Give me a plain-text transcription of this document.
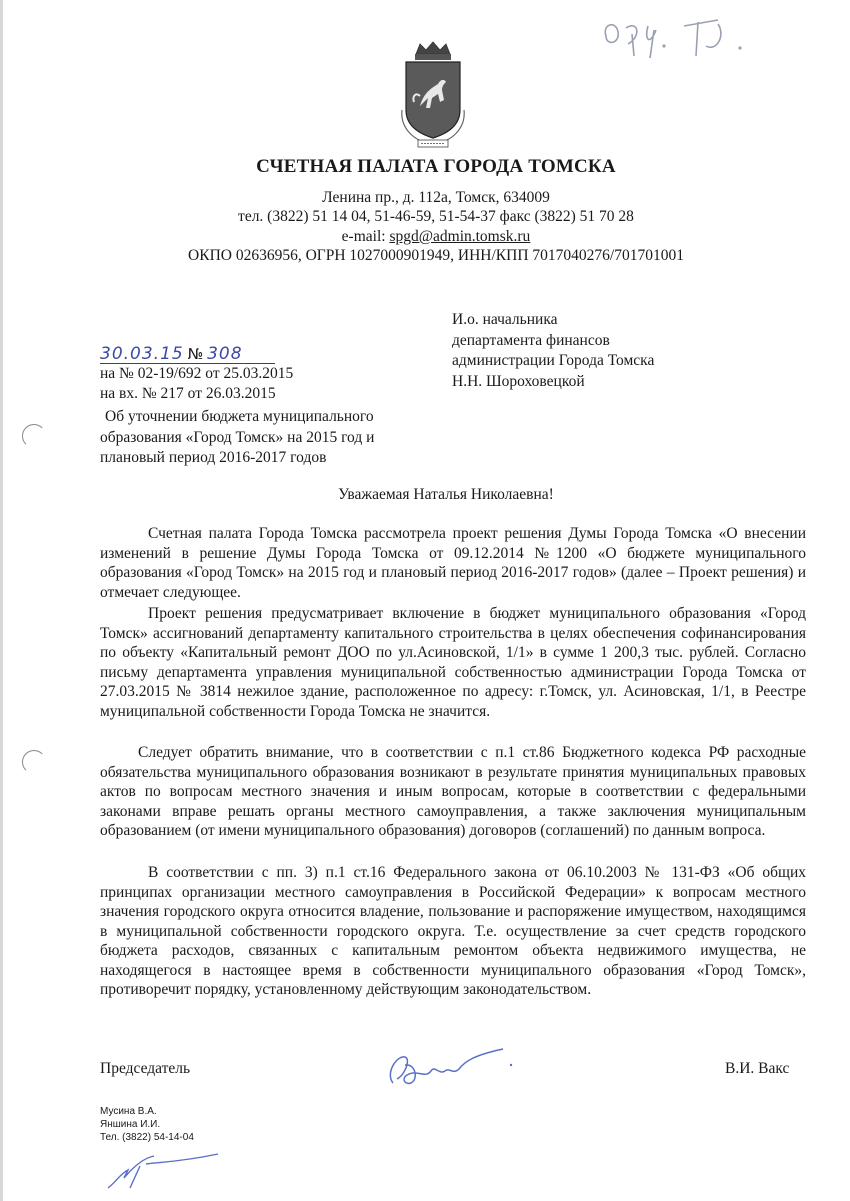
СЧЕТНАЯ ПАЛАТА ГОРОДА ТОМСКА
Ленина пр., д. 112а, Томск, 634009
тел. (3822) 51 14 04, 51-46-59, 51-54-37 факс (3822) 51 70 28
e-mail: spgd@admin.tomsk.ru
ОКПО 02636956, ОГРН 1027000901949, ИНН/КПП 7017040276/701701001
30.03.15 № 308
на № 02-19/692 от 25.03.2015
на вх. № 217 от 26.03.2015
Об уточнении бюджета муниципального
образования «Город Томск» на 2015 год и
плановый период 2016-2017 годов
И.о. начальника
департамента финансов
администрации Города Томска
Н.Н. Шороховецкой
Уважаемая Наталья Николаевна!

Счетная палата Города Томска рассмотрела проект решения Думы Города Томска «О внесении изменений в решение Думы Города Томска от 09.12.2014 №1200 «О бюджете муниципального образования «Город Томск» на 2015 год и плановый период 2016-2017 годов» (далее – Проект решения) и отмечает следующее.

Проект решения предусматривает включение в бюджет муниципального образования «Город Томск» ассигнований департаменту капитального строительства в целях обеспечения софинансирования по объекту «Капитальный ремонт ДОО по ул.Асиновской, 1/1» в сумме 1 200,3 тыс. рублей. Согласно письму департамента управления муниципальной собственностью администрации Города Томска от 27.03.2015 № 3814 нежилое здание, расположенное по адресу: г.Томск, ул. Асиновская, 1/1, в Реестре муниципальной собственности Города Томска не значится.

Следует обратить внимание, что в соответствии с п.1 ст.86 Бюджетного кодекса РФ расходные обязательства муниципального образования возникают в результате принятия муниципальных правовых актов по вопросам местного значения и иным вопросам, которые в соответствии с федеральными законами вправе решать органы местного самоуправления, а также заключения муниципальным образованием (от имени муниципального образования) договоров (соглашений) по данным вопроса.

В соответствии с пп. 3) п.1 ст.16 Федерального закона от 06.10.2003 № 131-ФЗ «Об общих принципах организации местного самоуправления в Российской Федерации» к вопросам местного значения городского округа относится владение, пользование и распоряжение имуществом, находящимся в муниципальной собственности городского округа. Т.е. осуществление за счет средств городского бюджета расходов, связанных с капитальным ремонтом объекта недвижимого имущества, не находящегося в настоящее время в собственности муниципального образования «Город Томск», противоречит порядку, установленному действующим законодательством.

Председатель	В.И. Вакс
Мусина В.А.
Яншина И.И.
Тел. (3822) 54-14-04
